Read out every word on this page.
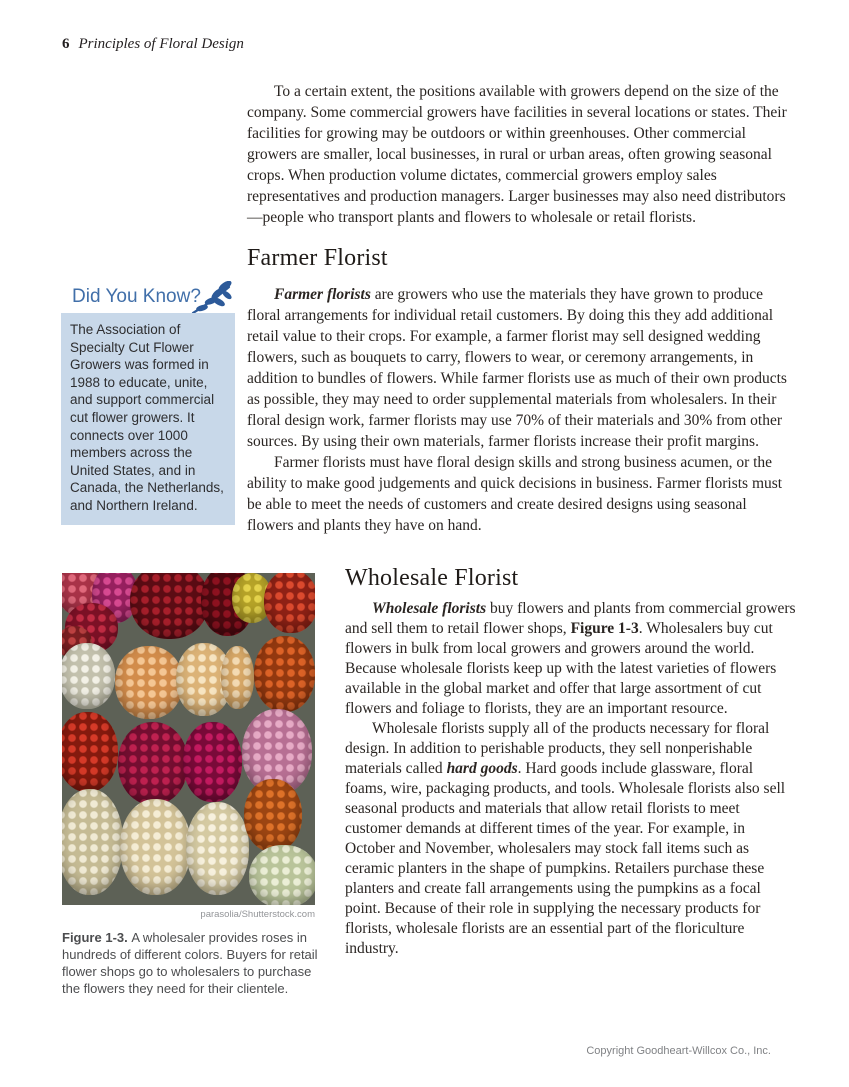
6 Principles of Floral Design

To a certain extent, the positions available with growers depend on the size of the company. Some commercial growers have facilities in several locations or states. Their facilities for growing may be outdoors or within greenhouses. Other commercial growers are smaller, local businesses, in rural or urban areas, often growing seasonal crops. When production volume dictates, commercial growers employ sales representatives and production managers. Larger businesses may also need distributors—people who transport plants and flowers to wholesale or retail florists.

Farmer Florist
Did You Know?
The Association of Specialty Cut Flower Growers was formed in 1988 to educate, unite, and support commercial cut flower growers. It connects over 1000 members across the United States, and in Canada, the Netherlands, and Northern Ireland.

Farmer florists are growers who use the materials they have grown to produce floral arrangements for individual retail customers. By doing this they add additional retail value to their crops. For example, a farmer florist may sell designed wedding flowers, such as bouquets to carry, flowers to wear, or ceremony arrangements, in addition to bundles of flowers. While farmer florists use as much of their own products as possible, they may need to order supplemental materials from wholesalers. In their floral design work, farmer florists may use 70% of their materials and 30% from other sources. By using their own materials, farmer florists increase their profit margins.

Farmer florists must have floral design skills and strong business acumen, or the ability to make good judgements and quick decisions in business. Farmer florists must be able to meet the needs of customers and create desired designs using seasonal flowers and plants they have on hand.

Wholesale Florist

Wholesale florists buy flowers and plants from commercial growers and sell them to retail flower shops, Figure 1-3. Wholesalers buy cut flowers in bulk from local growers and growers around the world. Because wholesale florists keep up with the latest varieties of flowers available in the global market and offer that large assortment of cut flowers and foliage to florists, they are an important resource.

Wholesale florists supply all of the products necessary for floral design. In addition to perishable products, they sell nonperishable materials called hard goods. Hard goods include glassware, floral foams, wire, packaging products, and tools. Wholesale florists also sell seasonal products and materials that allow retail florists to meet customer demands at different times of the year. For example, in October and November, wholesalers may stock fall items such as ceramic planters in the shape of pumpkins. Retailers purchase these planters and create fall arrangements using the pumpkins as a focal point. Because of their role in supplying the necessary products for florists, wholesale florists are an essential part of the floriculture industry.

parasolia/Shutterstock.com
Figure 1-3. A wholesaler provides roses in hundreds of different colors. Buyers for retail flower shops go to wholesalers to purchase the flowers they need for their clientele.
Copyright Goodheart-Willcox Co., Inc.
